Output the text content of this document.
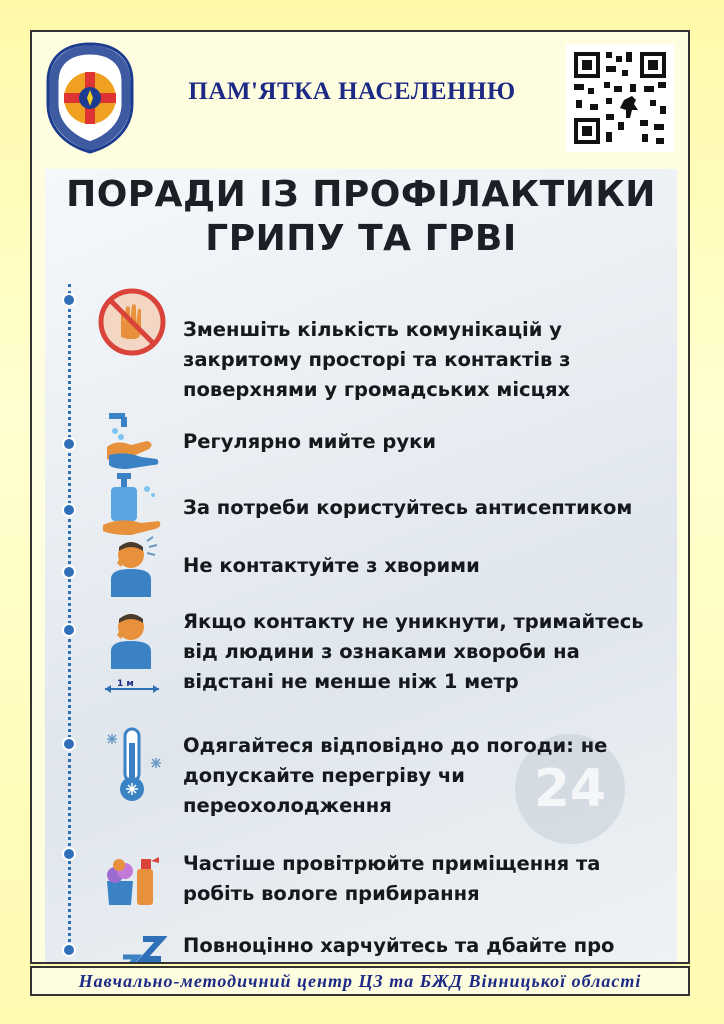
ПАМ'ЯТКА НАСЕЛЕННЮ
24
ПОРАДИ ІЗ ПРОФІЛАКТИКИ
ГРИПУ ТА ГРВІ
Зменшіть кількість комунікацій у закритому просторі та контактів з поверхнями у громадських місцях
Регулярно мийте руки
За потреби користуйтесь антисептиком
Не контактуйте з хворими
Якщо контакту не уникнути, тримайтесь від людини з ознаками хвороби на відстані не менше ніж 1 метр
1 м
Одягайтеся відповідно до погоди: не допускайте перегріву чи переохолодження
Частіше провітрюйте приміщення та робіть вологе прибирання
Повноцінно харчуйтесь та дбайте про
Навчально-методичний центр ЦЗ та БЖД Вінницької області
